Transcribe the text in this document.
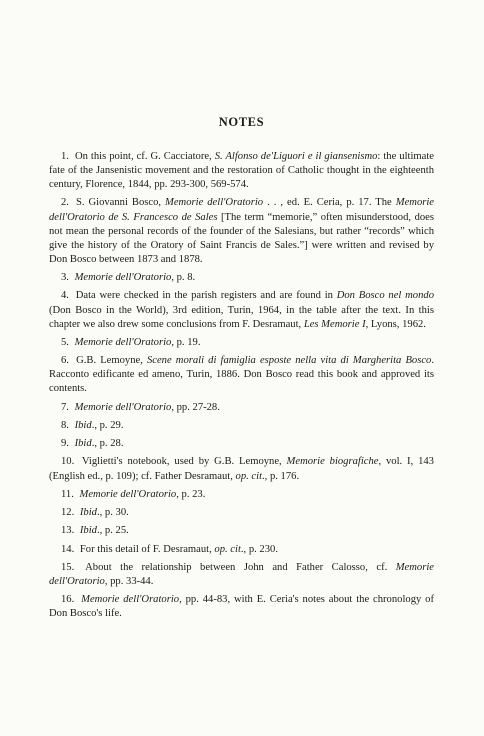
NOTES

1. On this point, cf. G. Cacciatore, S. Alfonso de'Liguori e il giansenismo: the ultimate fate of the Jansenistic movement and the restoration of Catholic thought in the eighteenth century, Florence, 1844, pp. 293-300, 569-574.

2. S. Giovanni Bosco, Memorie dell'Oratorio . . , ed. E. Ceria, p. 17. The Memorie dell'Oratorio de S. Francesco de Sales [The term “memorie,” often misunderstood, does not mean the personal records of the founder of the Salesians, but rather “records” which give the history of the Oratory of Saint Francis de Sales.”] were written and revised by Don Bosco between 1873 and 1878.

3. Memorie dell'Oratorio, p. 8.

4. Data were checked in the parish registers and are found in Don Bosco nel mondo (Don Bosco in the World), 3rd edition, Turin, 1964, in the table after the text. In this chapter we also drew some conclusions from F. Desramaut, Les Memorie I, Lyons, 1962.

5. Memorie dell'Oratorio, p. 19.

6. G.B. Lemoyne, Scene morali di famiglia esposte nella vita di Margherita Bosco. Racconto edificante ed ameno, Turin, 1886. Don Bosco read this book and approved its contents.

7. Memorie dell'Oratorio, pp. 27-28.

8. Ibid., p. 29.

9. Ibid., p. 28.

10. Viglietti's notebook, used by G.B. Lemoyne, Memorie biografiche, vol. I, 143 (English ed., p. 109); cf. Father Desramaut, op. cit., p. 176.

11. Memorie dell'Oratorio, p. 23.

12. Ibid., p. 30.

13. Ibid., p. 25.

14. For this detail of F. Desramaut, op. cit., p. 230.

15. About the relationship between John and Father Calosso, cf. Memorie dell'Oratorio, pp. 33-44.

16. Memorie dell'Oratorio, pp. 44-83, with E. Ceria's notes about the chronology of Don Bosco's life.
